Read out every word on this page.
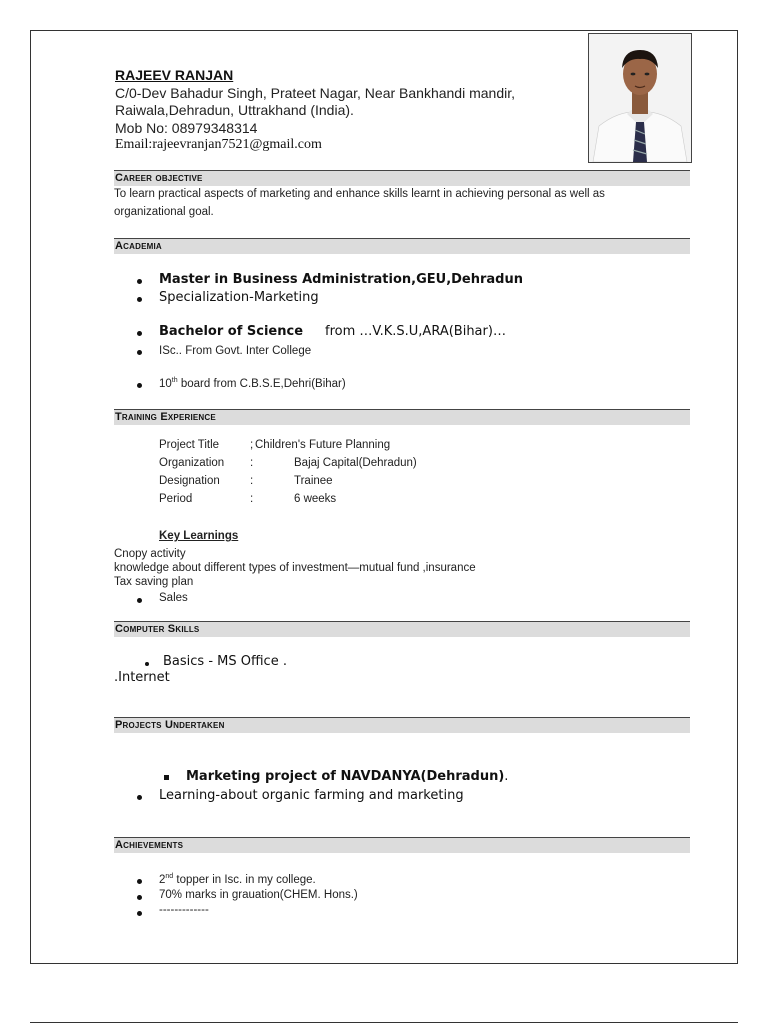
RAJEEV RANJAN
C/0-Dev Bahadur Singh, Prateet Nagar, Near Bankhandi mandir,
Raiwala,Dehradun, Uttrakhand (India).
Mob No: 08979348314
Email:rajeevranjan7521@gmail.com
Career objective
To learn practical aspects of marketing and enhance skills learnt in achieving personal as well as
organizational goal.
Academia
Master in Business Administration,GEU,Dehradun
Specialization-Marketing
Bachelor of Science from …V.K.S.U,ARA(Bihar)…
ISc.. From Govt. Inter College
10th board from C.B.S.E,Dehri(Bihar)
Training Experience
Project Title	; Children's Future Planning
Organization :	Bajaj Capital(Dehradun)
Designation	:	Trainee
Period	:	6 weeks
Key Learnings
Cnopy activity
knowledge about different types of investment—mutual fund ,insurance
Tax saving plan
Sales
Computer Skills
Basics - MS Office .
.Internet
Projects Undertaken
Marketing project of NAVDANYA(Dehradun).
Learning-about organic farming and marketing
Achievements
2nd topper in Isc. in my college.
70% marks in grauation(CHEM. Hons.)
-------------
